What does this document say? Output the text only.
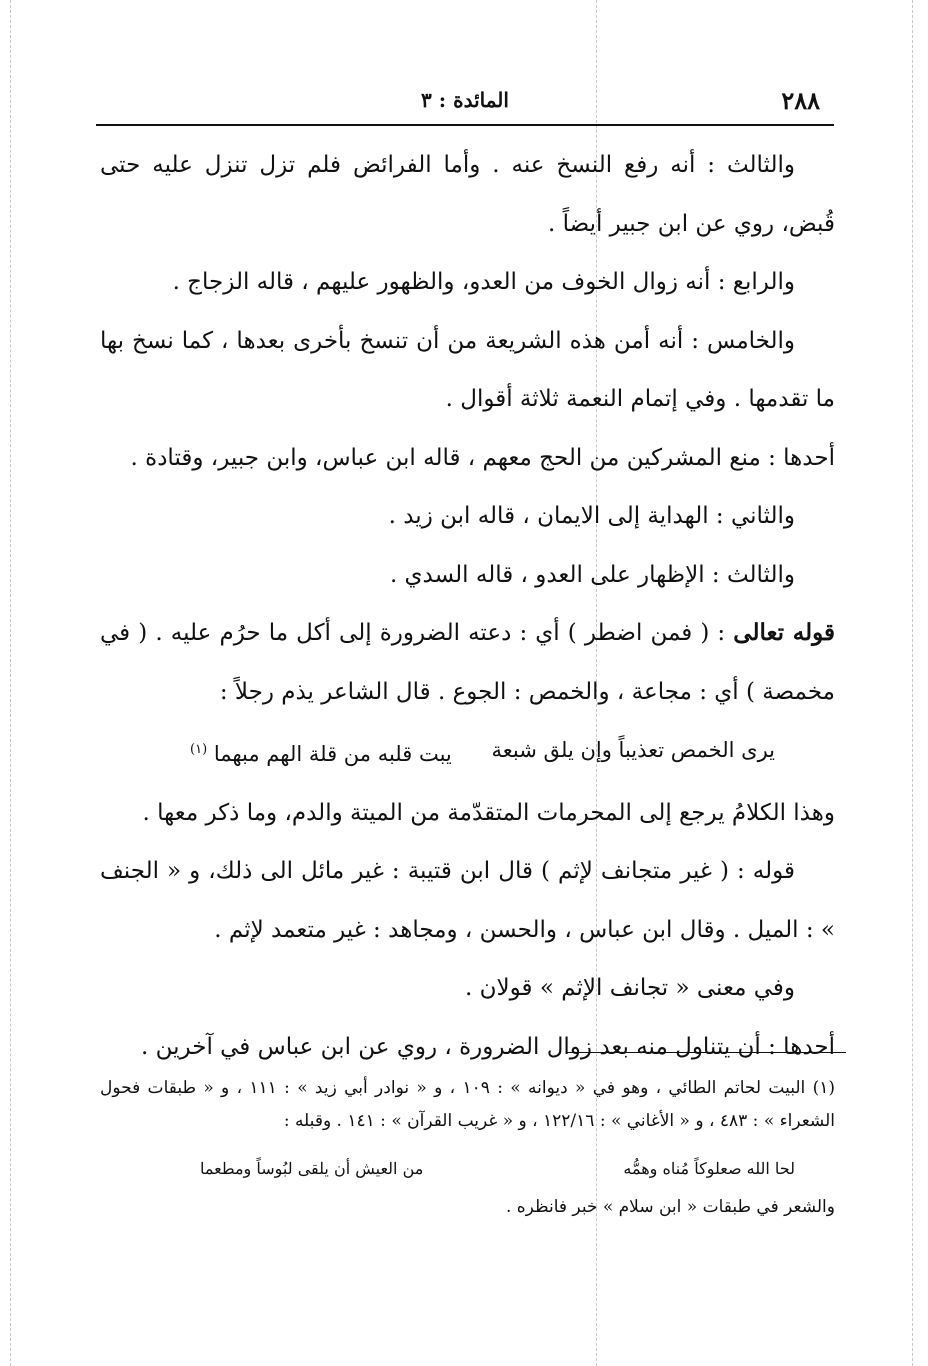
٢٨٨
المائدة : ٣

والثالث : أنه رفع النسخ عنه . وأما الفرائض فلم تزل تنزل عليه حتى قُبض، روي عن ابن جبير أيضاً .

والرابع : أنه زوال الخوف من العدو، والظهور عليهم ، قاله الزجاج .

والخامس : أنه أمن هذه الشريعة من أن تنسخ بأخرى بعدها ، كما نسخ بها ما تقدمها . وفي إتمام النعمة ثلاثة أقوال .

أحدها : منع المشركين من الحج معهم ، قاله ابن عباس، وابن جبير، وقتادة .

والثاني : الهداية إلى الايمان ، قاله ابن زيد .

والثالث : الإظهار على العدو ، قاله السدي .

قوله تعالى : ( فمن اضطر ) أي : دعته الضرورة إلى أكل ما حرُم عليه . ( في مخمصة ) أي : مجاعة ، والخمص : الجوع . قال الشاعر يذم رجلاً :

يرى الخمص تعذيباً وإن يلق شبعة
يبت قلبه من قلة الهم مبهما $^{(١)}$

وهذا الكلامُ يرجع إلى المحرمات المتقدّمة من الميتة والدم، وما ذكر معها .

قوله : ( غير متجانف لإثم ) قال ابن قتيبة : غير مائل الى ذلك، و « الجنف » : الميل . وقال ابن عباس ، والحسن ، ومجاهد : غير متعمد لإثم .

وفي معنى « تجانف الإثم » قولان .

أحدها : أن يتناول منه بعد زوال الضرورة ، روي عن ابن عباس في آخرين .

(١) البيت لحاتم الطائي ، وهو في « ديوانه » : ١٠٩ ، و « نوادر أبي زيد » : ١١١ ، و « طبقات فحول الشعراء » : ٤٨٣ ، و « الأغاني » : ١٢٢/١٦ ، و « غريب القرآن » : ١٤١ . وقبله :

لحا الله صعلوكاً مُناه وهمُّه
من العيش أن يلقى لبُوساً ومطعما

والشعر في طبقات « ابن سلام » خبر فانظره .
